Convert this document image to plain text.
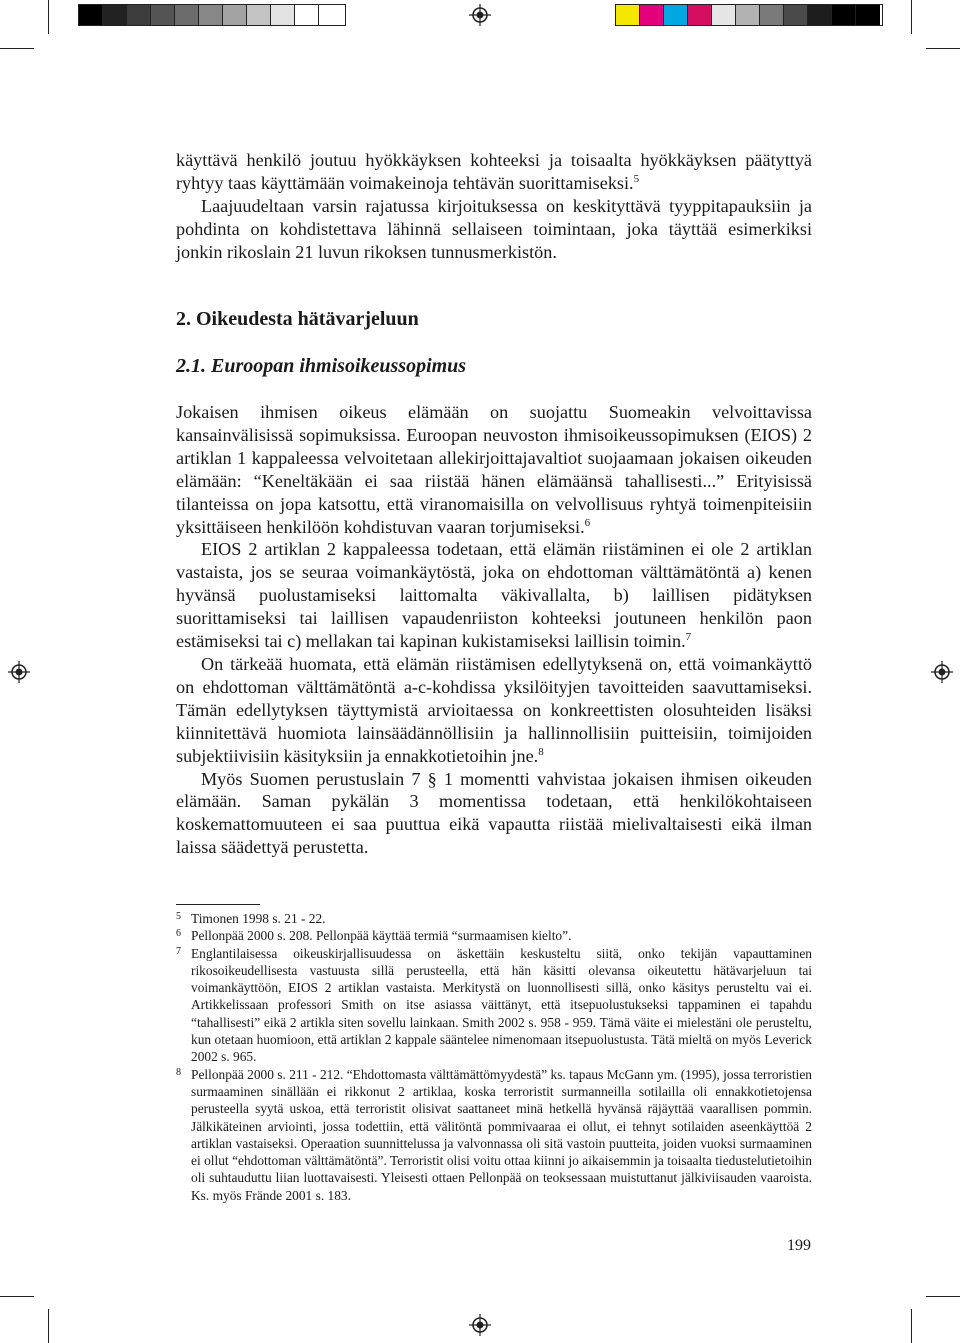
käyttävä henkilö joutuu hyökkäyksen kohteeksi ja toisaalta hyökkäyksen päätyttyä ryhtyy taas käyttämään voimakeinoja tehtävän suorittamiseksi.$^5$

Laajuudeltaan varsin rajatussa kirjoituksessa on keskityttävä tyyppitapauksiin ja pohdinta on kohdistettava lähinnä sellaiseen toimintaan, joka täyttää esimerkiksi jonkin rikoslain 21 luvun rikoksen tunnusmerkistön.

2. Oikeudesta hätävarjeluun
2.1. Euroopan ihmisoikeussopimus

Jokaisen ihmisen oikeus elämään on suojattu Suomeakin velvoittavissa kansainvälisissä sopimuksissa. Euroopan neuvoston ihmisoikeussopimuksen (EIOS) 2 artiklan 1 kappaleessa velvoitetaan allekirjoittajavaltiot suojaamaan jokaisen oikeuden elämään: “Keneltäkään ei saa riistää hänen elämäänsä tahallisesti...” Erityisissä tilanteissa on jopa katsottu, että viranomaisilla on velvollisuus ryhtyä toimenpiteisiin yksittäiseen henkilöön kohdistuvan vaaran torjumiseksi.$^6$

EIOS 2 artiklan 2 kappaleessa todetaan, että elämän riistäminen ei ole 2 artiklan vastaista, jos se seuraa voimankäytöstä, joka on ehdottoman välttämätöntä a) kenen hyvänsä puolustamiseksi laittomalta väkivallalta, b) laillisen pidätyksen suorittamiseksi tai laillisen vapaudenriiston kohteeksi joutuneen henkilön paon estämiseksi tai c) mellakan tai kapinan kukistamiseksi laillisin toimin.$^7$

On tärkeää huomata, että elämän riistämisen edellytyksenä on, että voimankäyttö on ehdottoman välttämätöntä a-c-kohdissa yksilöityjen tavoitteiden saavuttamiseksi. Tämän edellytyksen täyttymistä arvioitaessa on konkreettisten olosuhteiden lisäksi kiinnitettävä huomiota lainsäädännöllisiin ja hallinnollisiin puitteisiin, toimijoiden subjektiivisiin käsityksiin ja ennakkotietoihin jne.$^8$

Myös Suomen perustuslain 7 § 1 momentti vahvistaa jokaisen ihmisen oikeuden elämään. Saman pykälän 3 momentissa todetaan, että henkilökohtaiseen koskemattomuuteen ei saa puuttua eikä vapautta riistää mielivaltaisesti eikä ilman laissa säädettyä perustetta.

5 Timonen 1998 s. 21 - 22.
6 Pellonpää 2000 s. 208. Pellonpää käyttää termiä “surmaamisen kielto”.
7 Englantilaisessa oikeuskirjallisuudessa on äskettäin keskusteltu siitä, onko tekijän vapauttaminen rikosoikeudellisesta vastuusta sillä perusteella, että hän käsitti olevansa oikeutettu hätävarjeluun tai voimankäyttöön, EIOS 2 artiklan vastaista. Merkitystä on luonnollisesti sillä, onko käsitys perusteltu vai ei. Artikkelissaan professori Smith on itse asiassa väittänyt, että itsepuolustukseksi tappaminen ei tapahdu “tahallisesti” eikä 2 artikla siten sovellu lainkaan. Smith 2002 s. 958 - 959. Tämä väite ei mielestäni ole perusteltu, kun otetaan huomioon, että artiklan 2 kappale sääntelee nimenomaan itsepuolustusta. Tätä mieltä on myös Leverick 2002 s. 965.
8 Pellonpää 2000 s. 211 - 212. “Ehdottomasta välttämättömyydestä” ks. tapaus McGann ym. (1995), jossa terroristien surmaaminen sinällään ei rikkonut 2 artiklaa, koska terroristit surmanneilla sotilailla oli ennakkotietojensa perusteella syytä uskoa, että terroristit olisivat saattaneet minä hetkellä hyvänsä räjäyttää vaarallisen pommin. Jälkikäteinen arviointi, jossa todettiin, että välitöntä pommivaaraa ei ollut, ei tehnyt sotilaiden aseenkäyttöä 2 artiklan vastaiseksi. Operaation suunnittelussa ja valvonnassa oli sitä vastoin puutteita, joiden vuoksi surmaaminen ei ollut “ehdottoman välttämätöntä”. Terroristit olisi voitu ottaa kiinni jo aikaisemmin ja toisaalta tiedustelutietoihin oli suhtauduttu liian luottavaisesti. Yleisesti ottaen Pellonpää on teoksessaan muistuttanut jälkiviisauden vaaroista. Ks. myös Frände 2001 s. 183.
199
